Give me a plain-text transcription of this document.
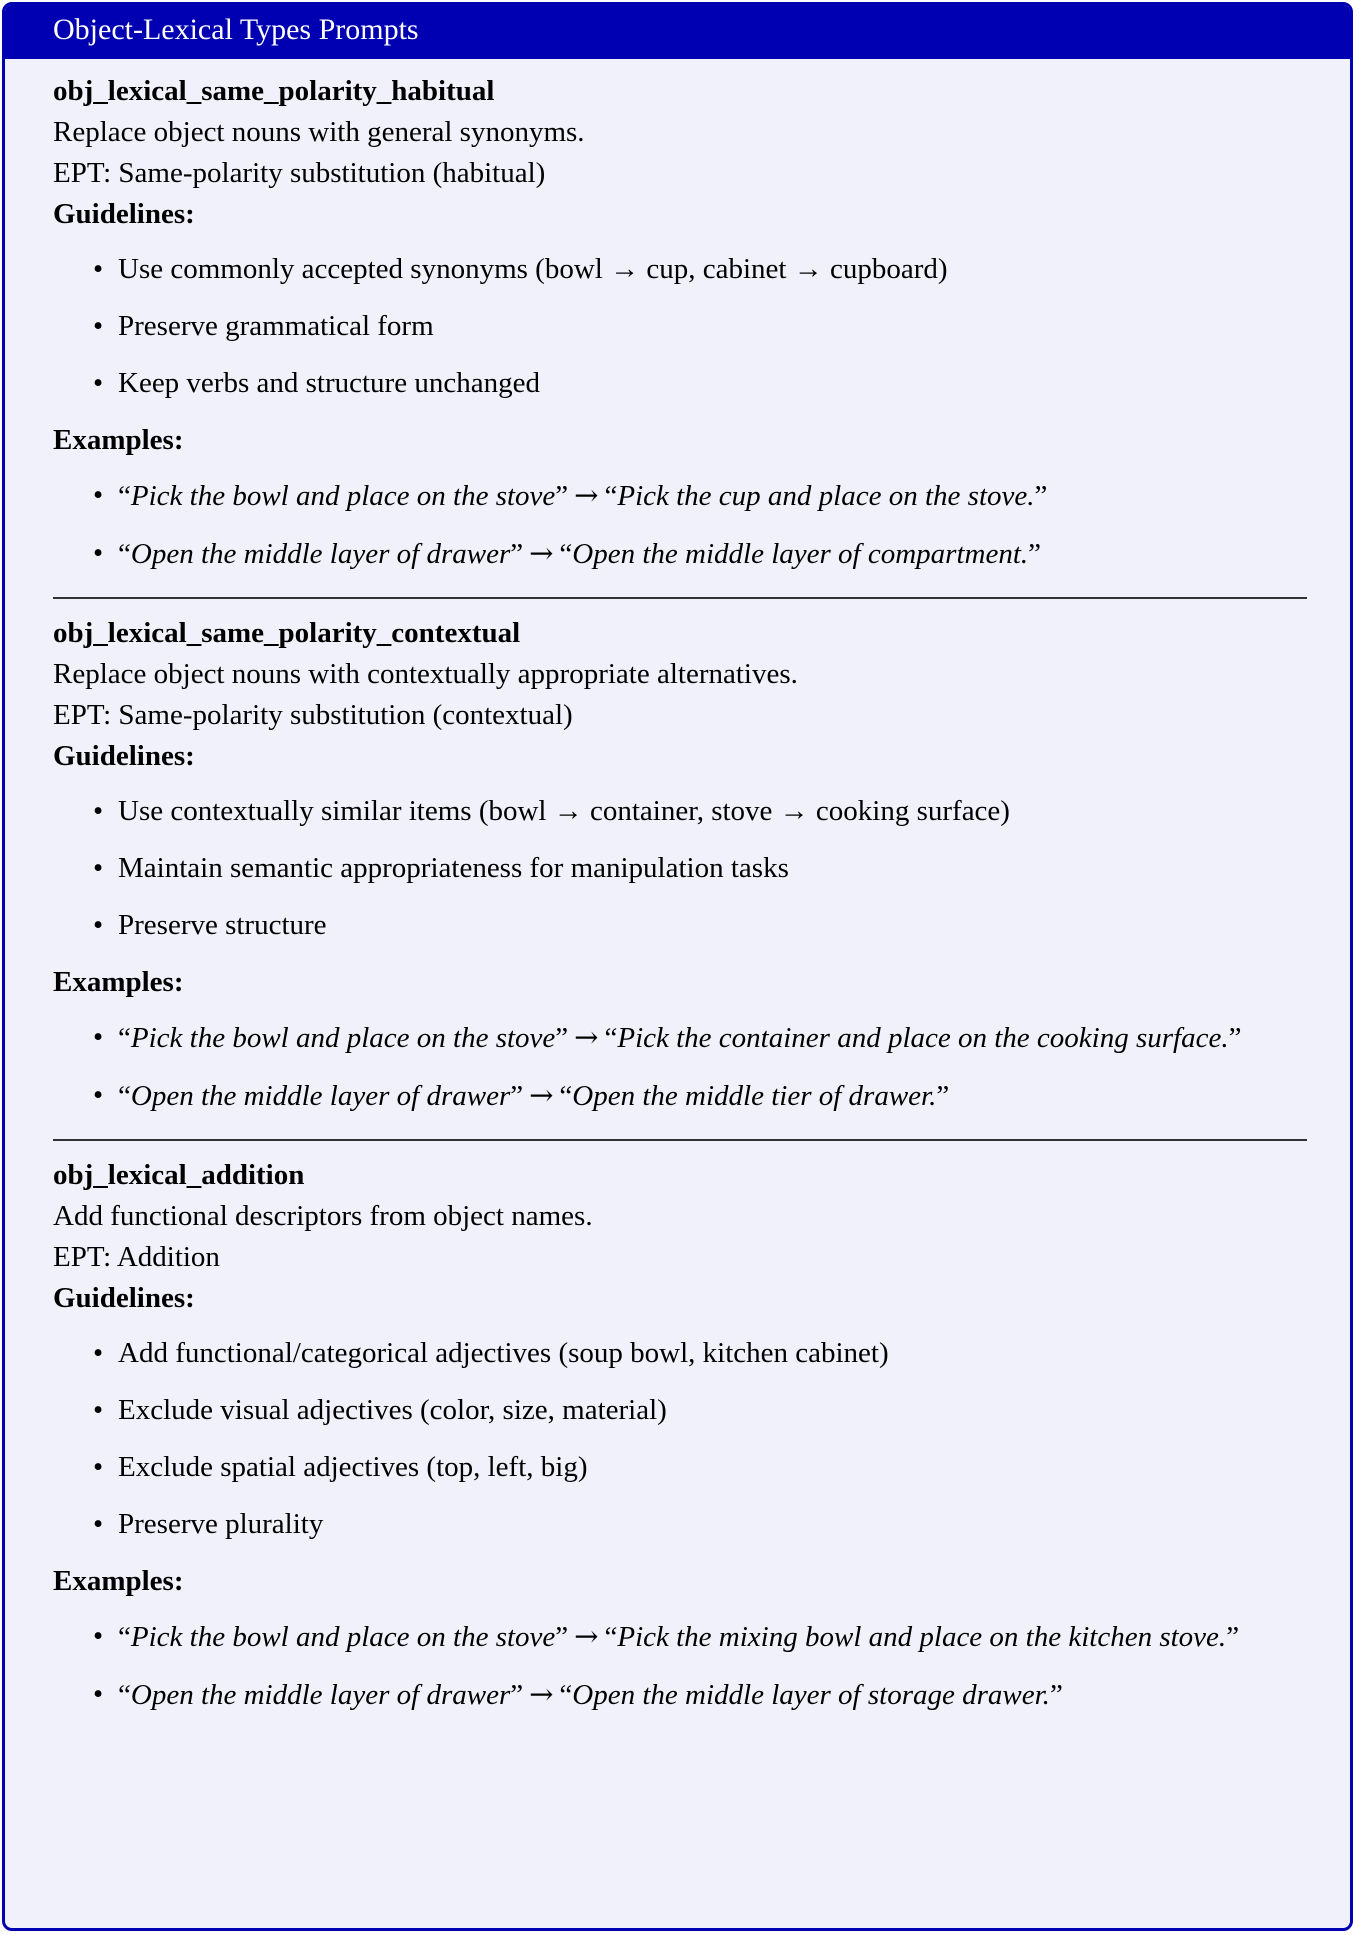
Object-Lexical Types Prompts
obj_lexical_same_polarity_habitual
Replace object nouns with general synonyms.
EPT: Same-polarity substitution (habitual)
Guidelines:
• Use commonly accepted synonyms (bowl → cup, cabinet → cupboard)
• Preserve grammatical form
• Keep verbs and structure unchanged
Examples:
• “Pick the bowl and place on the stove” → “Pick the cup and place on the stove.”
• “Open the middle layer of drawer” → “Open the middle layer of compartment.”
obj_lexical_same_polarity_contextual
Replace object nouns with contextually appropriate alternatives.
EPT: Same-polarity substitution (contextual)
Guidelines:
• Use contextually similar items (bowl → container, stove → cooking surface)
• Maintain semantic appropriateness for manipulation tasks
• Preserve structure
Examples:
• “Pick the bowl and place on the stove” → “Pick the container and place on the cooking surface.”
• “Open the middle layer of drawer” → “Open the middle tier of drawer.”
obj_lexical_addition
Add functional descriptors from object names.
EPT: Addition
Guidelines:
• Add functional/categorical adjectives (soup bowl, kitchen cabinet)
• Exclude visual adjectives (color, size, material)
• Exclude spatial adjectives (top, left, big)
• Preserve plurality
Examples:
• “Pick the bowl and place on the stove” → “Pick the mixing bowl and place on the kitchen stove.”
• “Open the middle layer of drawer” → “Open the middle layer of storage drawer.”
